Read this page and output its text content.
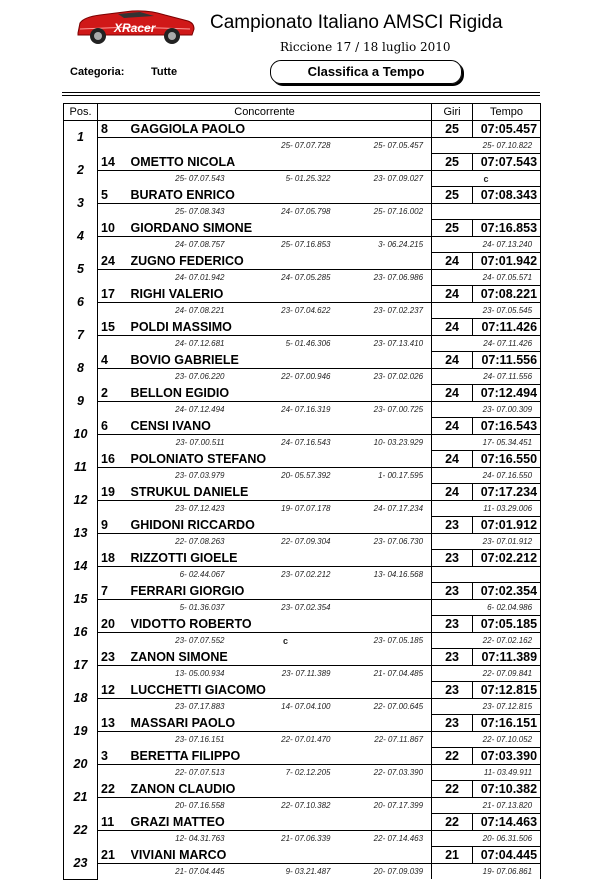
XRacer	Campionato Italiano AMSCI Rigida
Riccione 17 / 18 luglio 2010
Categoria: Tutte	Classifica a Tempo
Pos.	Concorrente				Giri	Tempo
1	8	GAGGIOLA PAOLO			25	07:05.457
			25- 07.07.728	25- 07.05.457	25- 07.10.822	
2	14	OMETTO NICOLA			25	07:07.543
	25- 07.07.543		5- 01.25.322	23- 07.09.027	c	
3	5	BURATO ENRICO			25	07:08.343
	25- 07.08.343		24- 07.05.798	25- 07.16.002		
4	10	GIORDANO SIMONE			25	07:16.853
	24- 07.08.757		25- 07.16.853	3- 06.24.215	24- 07.13.240	
5	24	ZUGNO FEDERICO			24	07:01.942
	24- 07.01.942		24- 07.05.285	23- 07.06.986	24- 07.05.571	
6	17	RIGHI VALERIO			24	07:08.221
	24- 07.08.221		23- 07.04.622	23- 07.02.237	23- 07.05.545	
7	15	POLDI MASSIMO			24	07:11.426
	24- 07.12.681		5- 01.46.306	23- 07.13.410	24- 07.11.426	
8	4	BOVIO GABRIELE			24	07:11.556
	23- 07.06.220		22- 07.00.946	23- 07.02.026	24- 07.11.556	
9	2	BELLON EGIDIO			24	07:12.494
	24- 07.12.494		24- 07.16.319	23- 07.00.725	23- 07.00.309	
10	6	CENSI IVANO			24	07:16.543
	23- 07.00.511		24- 07.16.543	10- 03.23.929	17- 05.34.451	
11	16	POLONIATO STEFANO			24	07:16.550
	23- 07.03.979		20- 05.57.392	1- 00.17.595	24- 07.16.550	
12	19	STRUKUL DANIELE			24	07:17.234
	23- 07.12.423		19- 07.07.178	24- 07.17.234	11- 03.29.006	
13	9	GHIDONI RICCARDO			23	07:01.912
	22- 07.08.263		22- 07.09.304	23- 07.06.730	23- 07.01.912	
14	18	RIZZOTTI GIOELE			23	07:02.212
	6- 02.44.067		23- 07.02.212	13- 04.16.568		
15	7	FERRARI GIORGIO			23	07:02.354
	5- 01.36.037		23- 07.02.354		6- 02.04.986	
16	20	VIDOTTO ROBERTO			23	07:05.185
	23- 07.07.552		c	23- 07.05.185	22- 07.02.162	
17	23	ZANON SIMONE			23	07:11.389
	13- 05.00.934		23- 07.11.389	21- 07.04.485	22- 07.09.841	
18	12	LUCCHETTI GIACOMO			23	07:12.815
	23- 07.17.883		14- 07.04.100	22- 07.00.645	23- 07.12.815	
19	13	MASSARI PAOLO			23	07:16.151
	23- 07.16.151		22- 07.01.470	22- 07.11.867	22- 07.10.052	
20	3	BERETTA FILIPPO			22	07:03.390
	22- 07.07.513		7- 02.12.205	22- 07.03.390	11- 03.49.911	
21	22	ZANON CLAUDIO			22	07:10.382
	20- 07.16.558		22- 07.10.382	20- 07.17.399	21- 07.13.820	
22	11	GRAZI MATTEO			22	07:14.463
	12- 04.31.763		21- 07.06.339	22- 07.14.463	20- 06.31.506	
23	21	VIVIANI MARCO			21	07:04.445
	21- 07.04.445		9- 03.21.487	20- 07.09.039	19- 07.06.861	
